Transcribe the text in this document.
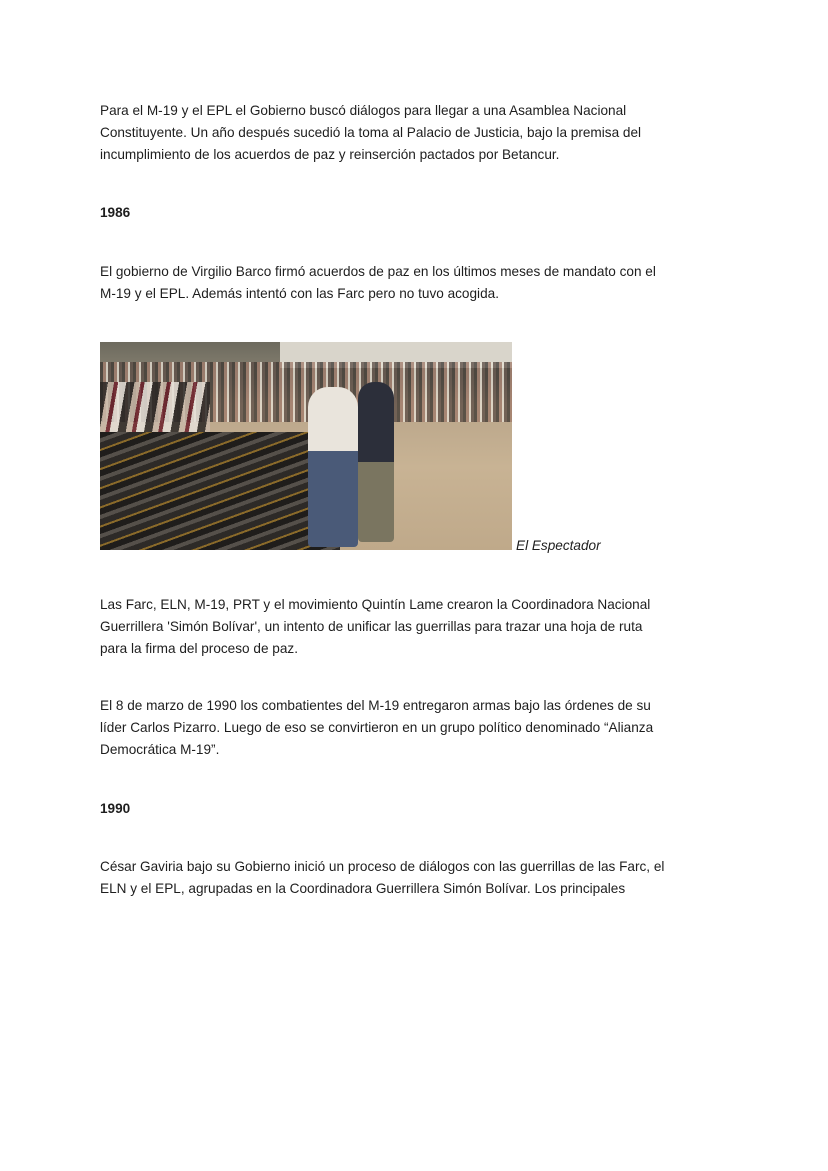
Para el M-19 y el EPL el Gobierno buscó diálogos para llegar a una Asamblea Nacional
Constituyente. Un año después sucedió la toma al Palacio de Justicia, bajo la premisa del
incumplimiento de los acuerdos de paz y reinserción pactados por Betancur.
1986
El gobierno de Virgilio Barco firmó acuerdos de paz en los últimos meses de mandato con el
M-19 y el EPL. Además intentó con las Farc pero no tuvo acogida.
El Espectador
Las Farc, ELN, M-19, PRT y el movimiento Quintín Lame crearon la Coordinadora Nacional
Guerrillera 'Simón Bolívar', un intento de unificar las guerrillas para trazar una hoja de ruta
para la firma del proceso de paz.
El 8 de marzo de 1990 los combatientes del M-19 entregaron armas bajo las órdenes de su
líder Carlos Pizarro. Luego de eso se convirtieron en un grupo político denominado “Alianza
Democrática M-19”.
1990
César Gaviria bajo su Gobierno inició un proceso de diálogos con las guerrillas de las Farc, el
ELN y el EPL, agrupadas en la Coordinadora Guerrillera Simón Bolívar. Los principales
